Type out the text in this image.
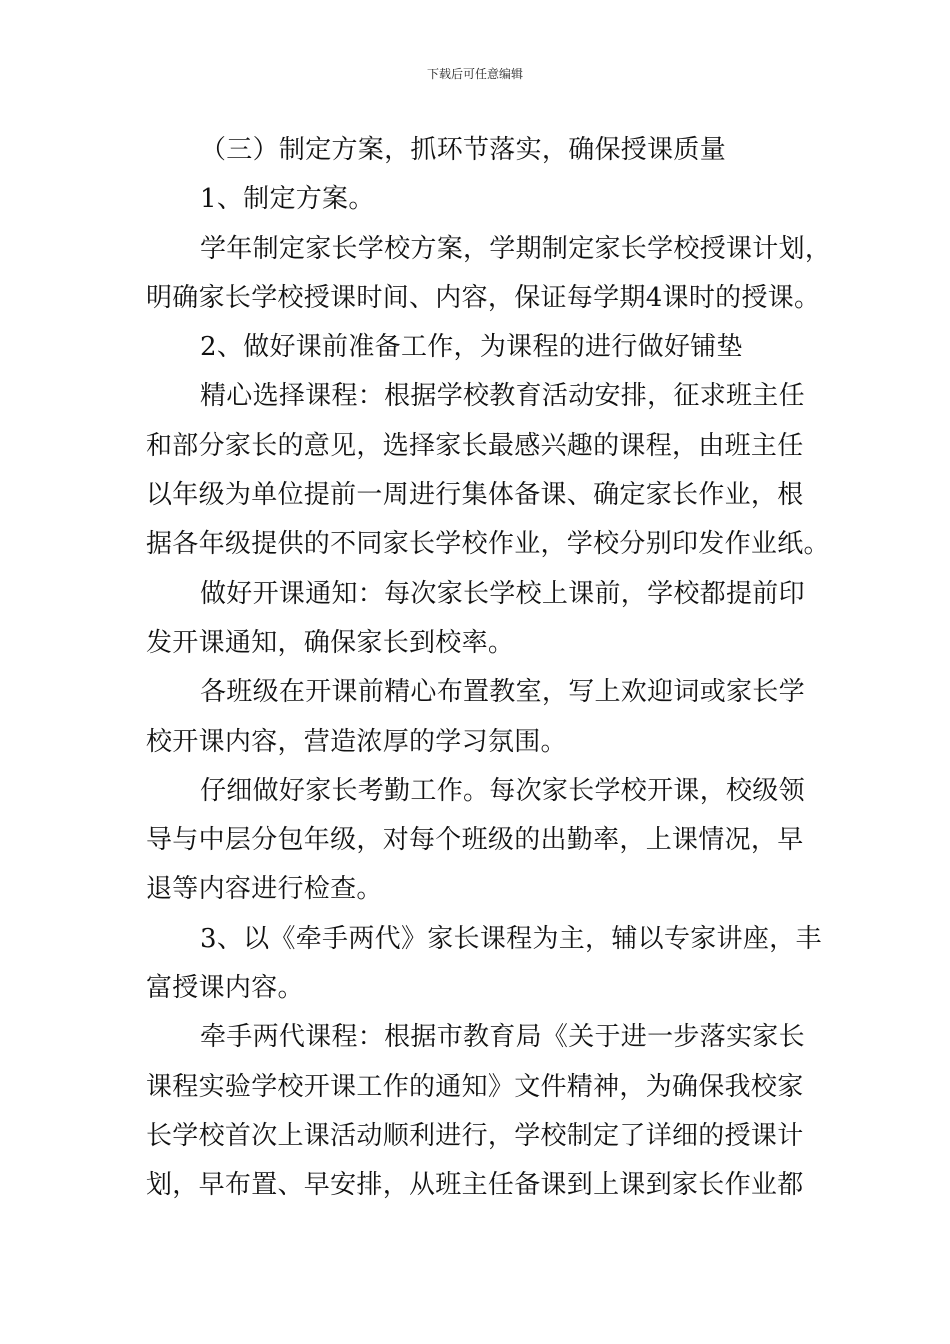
下载后可任意编辑
（三）制定方案，抓环节落实，确保授课质量
1、制定方案。
学年制定家长学校方案，学期制定家长学校授课计划，
明确家长学校授课时间、内容，保证每学期4课时的授课。
2、做好课前准备工作，为课程的进行做好铺垫
精心选择课程：根据学校教育活动安排，征求班主任
和部分家长的意见，选择家长最感兴趣的课程，由班主任
以年级为单位提前一周进行集体备课、确定家长作业，根
据各年级提供的不同家长学校作业，学校分别印发作业纸。
做好开课通知：每次家长学校上课前，学校都提前印
发开课通知，确保家长到校率。
各班级在开课前精心布置教室，写上欢迎词或家长学
校开课内容，营造浓厚的学习氛围。
仔细做好家长考勤工作。每次家长学校开课，校级领
导与中层分包年级，对每个班级的出勤率，上课情况，早
退等内容进行检查。
3、以《牵手两代》家长课程为主，辅以专家讲座，丰
富授课内容。
牵手两代课程：根据市教育局《关于进一步落实家长
课程实验学校开课工作的通知》文件精神，为确保我校家
长学校首次上课活动顺利进行，学校制定了详细的授课计
划，早布置、早安排，从班主任备课到上课到家长作业都
